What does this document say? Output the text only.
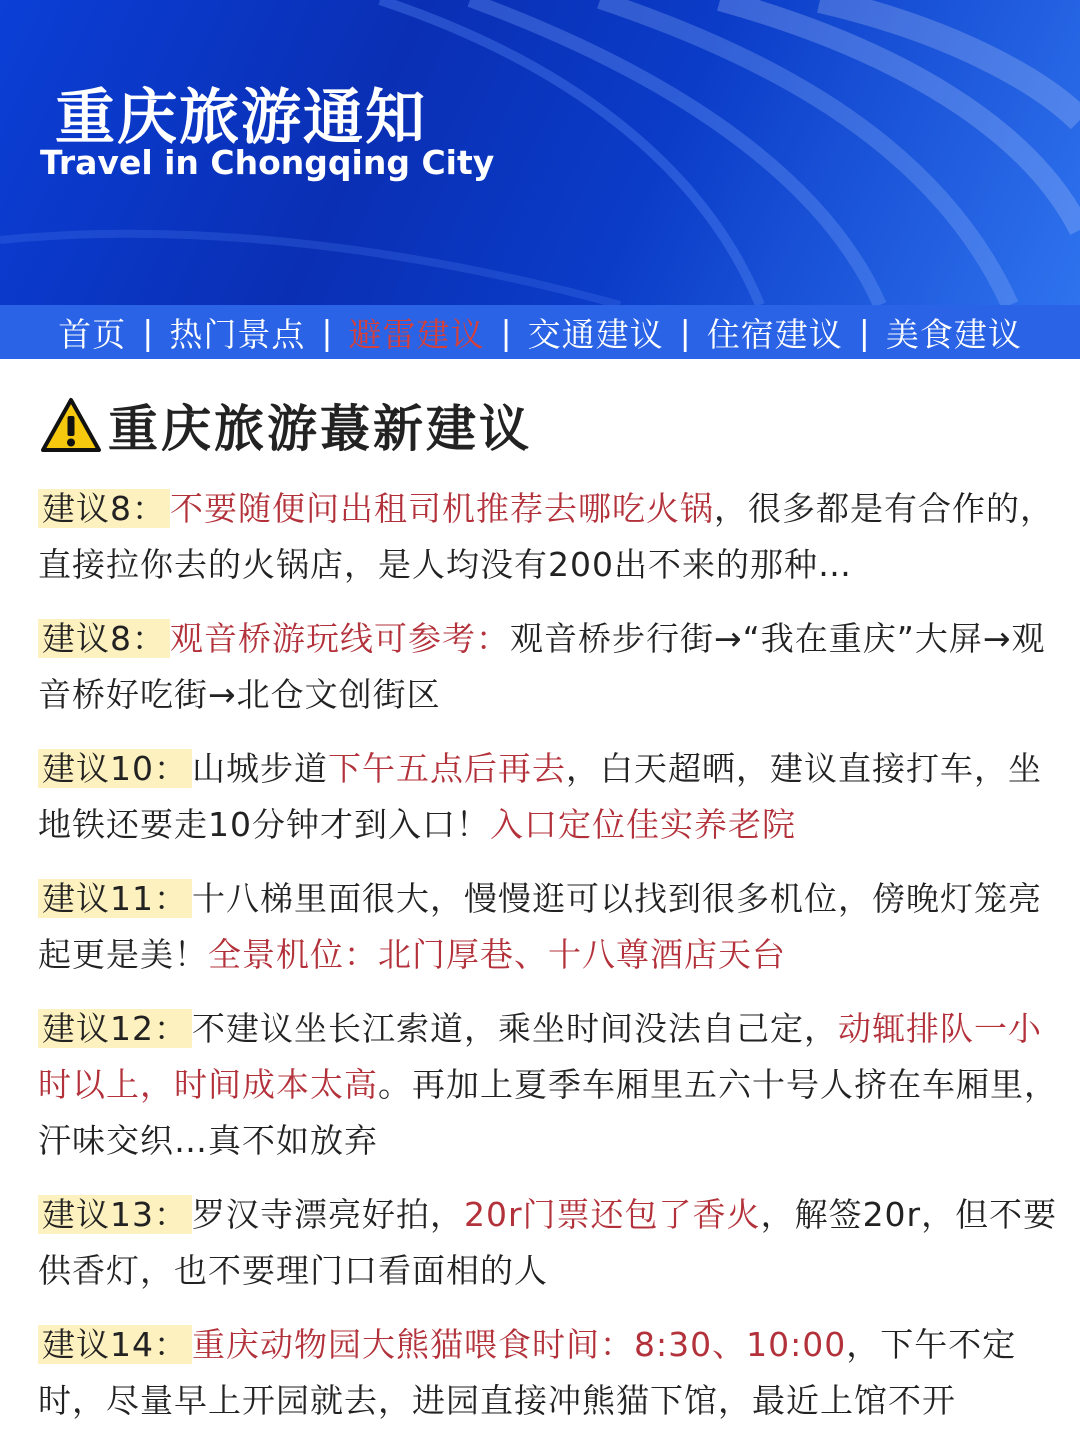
重庆旅游通知

Travel in Chongqing City

首页 | 热门景点 | 避雷建议 | 交通建议 | 住宿建议 | 美食建议
重庆旅游蕞新建议
建议8： 不要随便问出租司机推荐去哪吃火锅，很多都是有合作的，直接拉你去的火锅店，是人均没有200出不来的那种…
建议8： 观音桥游玩线可参考：观音桥步行街→“我在重庆”大屏→观音桥好吃街→北仓文创街区
建议10： 山城步道下午五点后再去，白天超晒，建议直接打车，坐地铁还要走10分钟才到入口！入口定位佳实养老院
建议11： 十八梯里面很大，慢慢逛可以找到很多机位，傍晚灯笼亮起更是美！全景机位：北门厚巷、十八尊酒店天台
建议12： 不建议坐长江索道，乘坐时间没法自己定，动辄排队一小时以上，时间成本太高。再加上夏季车厢里五六十号人挤在车厢里，汗味交织…真不如放弃
建议13： 罗汉寺漂亮好拍，20r门票还包了香火，解签20r，但不要供香灯，也不要理门口看面相的人
建议14： 重庆动物园大熊猫喂食时间：8:30、10:00，下午不定时，尽量早上开园就去，进园直接冲熊猫下馆，最近上馆不开
